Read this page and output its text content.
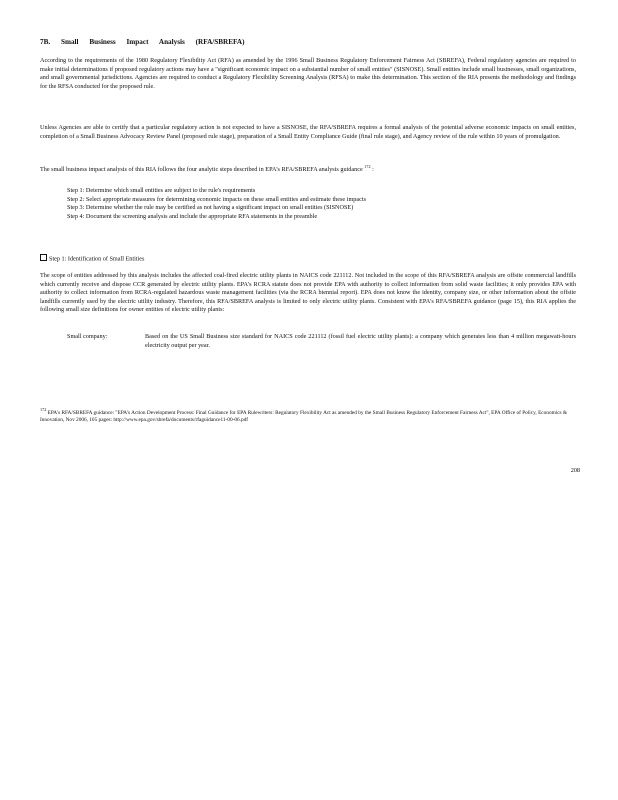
7B. Small Business Impact Analysis (RFA/SBREFA)
According to the requirements of the 1980 Regulatory Flexibility Act (RFA) as amended by the 1996 Small Business Regulatory Enforcement Fairness Act (SBREFA), Federal regulatory agencies are required to make initial determinations if proposed regulatory actions may have a "significant economic impact on a substantial number of small entities" (SISNOSE). Small entities include small businesses, small organizations, and small governmental jurisdictions. Agencies are required to conduct a Regulatory Flexibility Screening Analysis (RFSA) to make this determination. This section of the RIA presents the methodology and findings for the RFSA conducted for the proposed rule.
Unless Agencies are able to certify that a particular regulatory action is not expected to have a SISNOSE, the RFA/SBREFA requires a formal analysis of the potential adverse economic impacts on small entities, completion of a Small Business Advocacy Review Panel (proposed rule stage), preparation of a Small Entity Compliance Guide (final rule stage), and Agency review of the rule within 10 years of promulgation.
The small business impact analysis of this RIA follows the four analytic steps described in EPA's RFA/SBREFA analysis guidance $^{172}$ :
Step 1: Determine which small entities are subject to the rule's requirements
Step 2: Select appropriate measures for determining economic impacts on these small entities and estimate these impacts
Step 3: Determine whether the rule may be certified as not having a significant impact on small entities (SISNOSE)
Step 4: Document the screening analysis and include the appropriate RFA statements in the preamble
Step 1: Identification of Small Entities
The scope of entities addressed by this analysis includes the affected coal-fired electric utility plants in NAICS code 221112. Not included in the scope of this RFA/SBREFA analysis are offsite commercial landfills which currently receive and dispose CCR generated by electric utility plants. EPA's RCRA statute does not provide EPA with authority to collect information from solid waste facilities; it only provides EPA with authority to collect information from RCRA-regulated hazardous waste management facilities (via the RCRA biennial report). EPA does not know the identity, company size, or other information about the offsite landfills currently used by the electric utility industry. Therefore, this RFA/SBREFA analysis is limited to only electric utility plants. Consistent with EPA's RFA/SBREFA guidance (page 15), this RIA applies the following small size definitions for owner entities of electric utility plants:
Small company:	Based on the US Small Business size standard for NAICS code 221112 (fossil fuel electric utility plants): a company which generates less than 4 million megawatt-hours electricity output per year.
$^{172}$ EPA's RFA/SBREFA guidance: "EPA's Action Development Process: Final Guidance for EPA Rulewriters: Regulatory Flexibility Act as amended by the Small Business Regulatory Enforcement Fairness Act", EPA Office of Policy, Economics & Innovation, Nov 2006, 105 pages: http://www.epa.gov/sbrefa/documents/rfaguidance11-00-06.pdf
208
